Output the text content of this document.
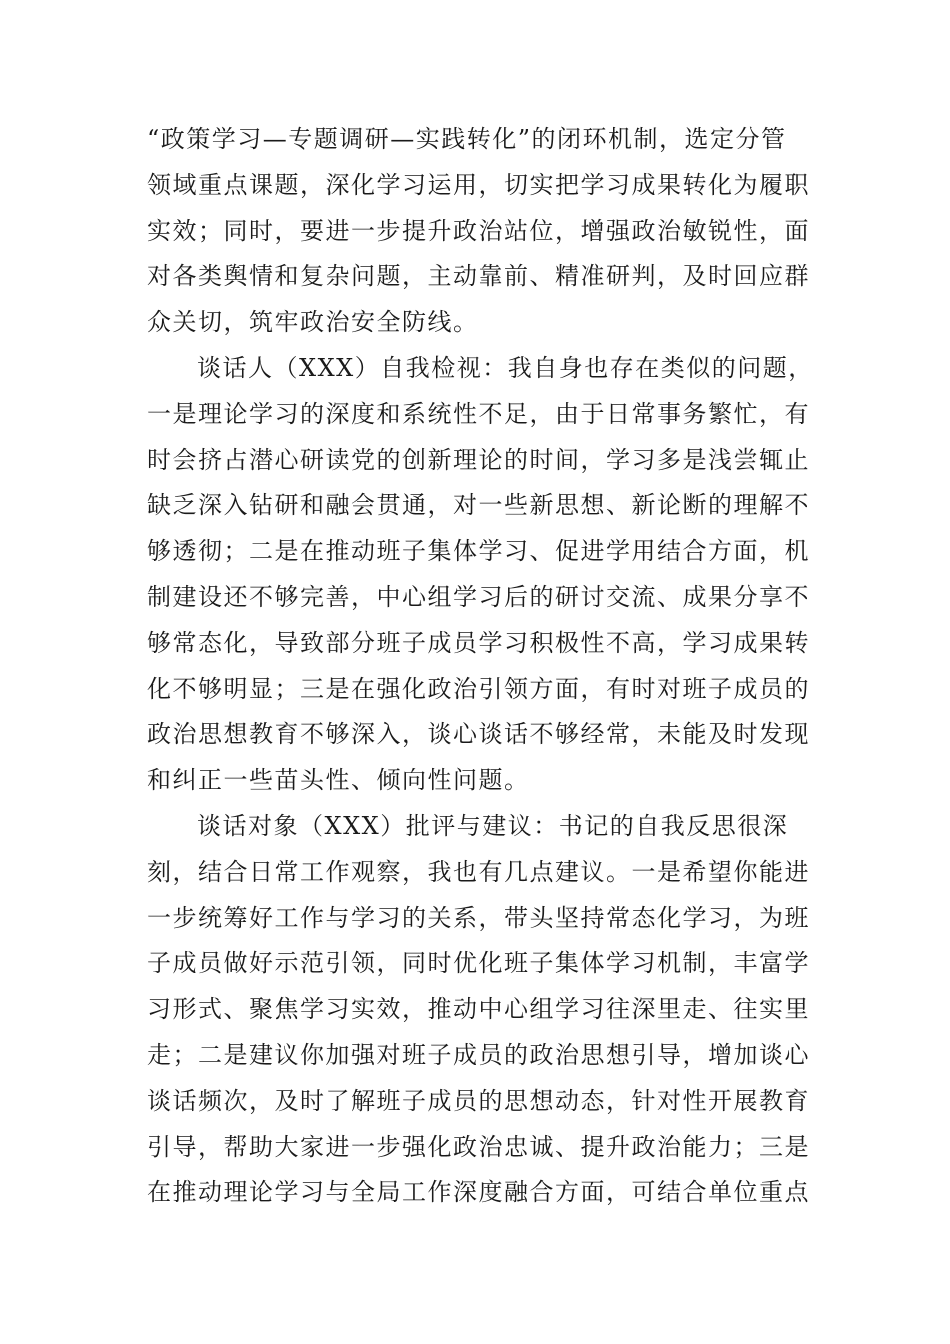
“政策学习—专题调研—实践转化”的闭环机制，选定分管
领域重点课题，深化学习运用，切实把学习成果转化为履职
实效；同时，要进一步提升政治站位，增强政治敏锐性，面
对各类舆情和复杂问题，主动靠前、精准研判，及时回应群
众关切，筑牢政治安全防线。
谈话人（XXX）自我检视：我自身也存在类似的问题，
一是理论学习的深度和系统性不足，由于日常事务繁忙，有
时会挤占潜心研读党的创新理论的时间，学习多是浅尝辄止
缺乏深入钻研和融会贯通，对一些新思想、新论断的理解不
够透彻；二是在推动班子集体学习、促进学用结合方面，机
制建设还不够完善，中心组学习后的研讨交流、成果分享不
够常态化，导致部分班子成员学习积极性不高，学习成果转
化不够明显；三是在强化政治引领方面，有时对班子成员的
政治思想教育不够深入，谈心谈话不够经常，未能及时发现
和纠正一些苗头性、倾向性问题。
谈话对象（XXX）批评与建议：书记的自我反思很深
刻，结合日常工作观察，我也有几点建议。一是希望你能进
一步统筹好工作与学习的关系，带头坚持常态化学习，为班
子成员做好示范引领，同时优化班子集体学习机制，丰富学
习形式、聚焦学习实效，推动中心组学习往深里走、往实里
走；二是建议你加强对班子成员的政治思想引导，增加谈心
谈话频次，及时了解班子成员的思想动态，针对性开展教育
引导，帮助大家进一步强化政治忠诚、提升政治能力；三是
在推动理论学习与全局工作深度融合方面，可结合单位重点
